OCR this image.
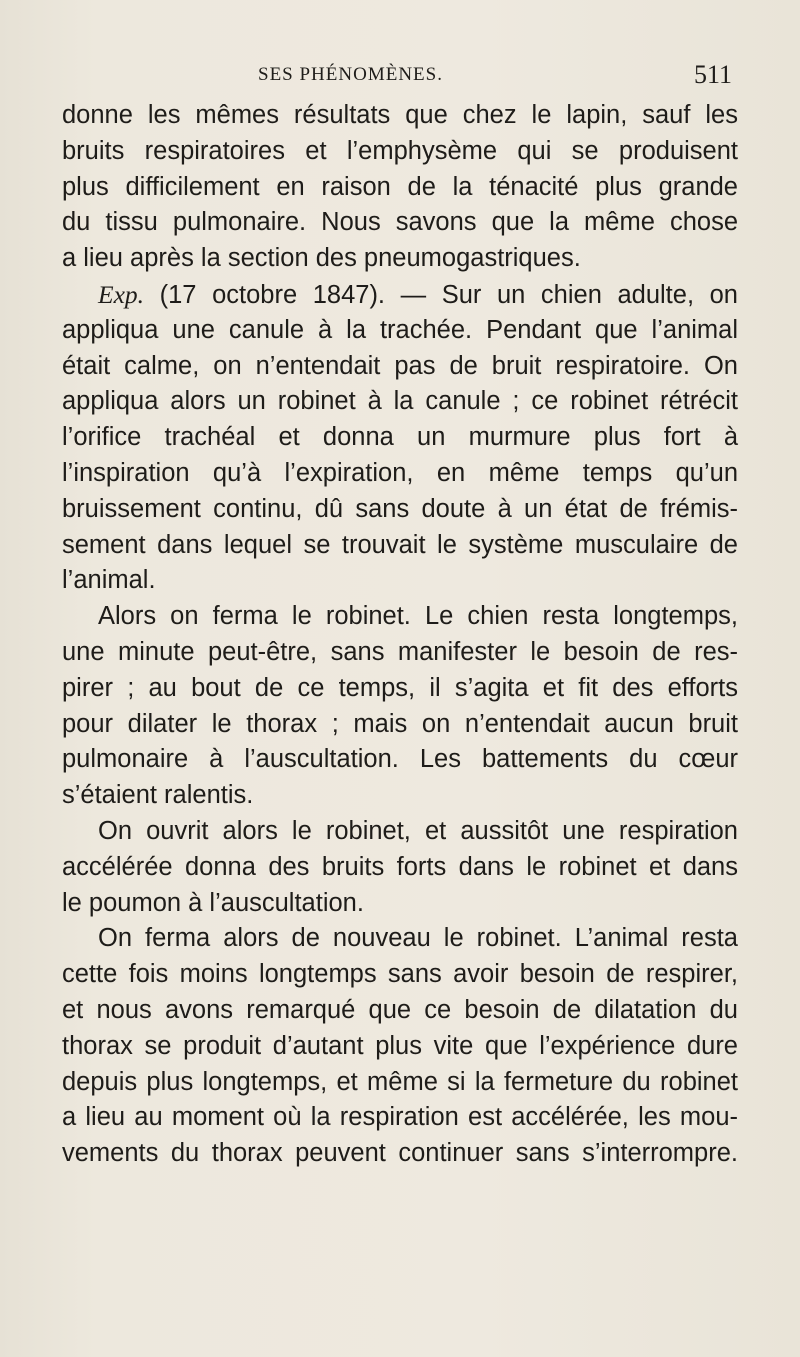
SES PHÉNOMÈNES.	511
donne les mêmes résultats que chez le lapin, sauf les
bruits respiratoires et l’emphysème qui se produisent
plus difficilement en raison de la ténacité plus grande
du tissu pulmonaire. Nous savons que la même chose
a lieu après la section des pneumogastriques.
Exp. (17 octobre 1847). — Sur un chien adulte, on
appliqua une canule à la trachée. Pendant que l’animal
était calme, on n’entendait pas de bruit respiratoire. On
appliqua alors un robinet à la canule ; ce robinet rétrécit
l’orifice trachéal et donna un murmure plus fort à
l’inspiration qu’à l’expiration, en même temps qu’un
bruissement continu, dû sans doute à un état de frémis-
sement dans lequel se trouvait le système musculaire de
l’animal.
Alors on ferma le robinet. Le chien resta longtemps,
une minute peut-être, sans manifester le besoin de res-
pirer ; au bout de ce temps, il s’agita et fit des efforts
pour dilater le thorax ; mais on n’entendait aucun bruit
pulmonaire à l’auscultation. Les battements du cœur
s’étaient ralentis.
On ouvrit alors le robinet, et aussitôt une respiration
accélérée donna des bruits forts dans le robinet et dans
le poumon à l’auscultation.
On ferma alors de nouveau le robinet. L’animal resta
cette fois moins longtemps sans avoir besoin de respirer,
et nous avons remarqué que ce besoin de dilatation du
thorax se produit d’autant plus vite que l’expérience dure
depuis plus longtemps, et même si la fermeture du robinet
a lieu au moment où la respiration est accélérée, les mou-
vements du thorax peuvent continuer sans s’interrompre.
